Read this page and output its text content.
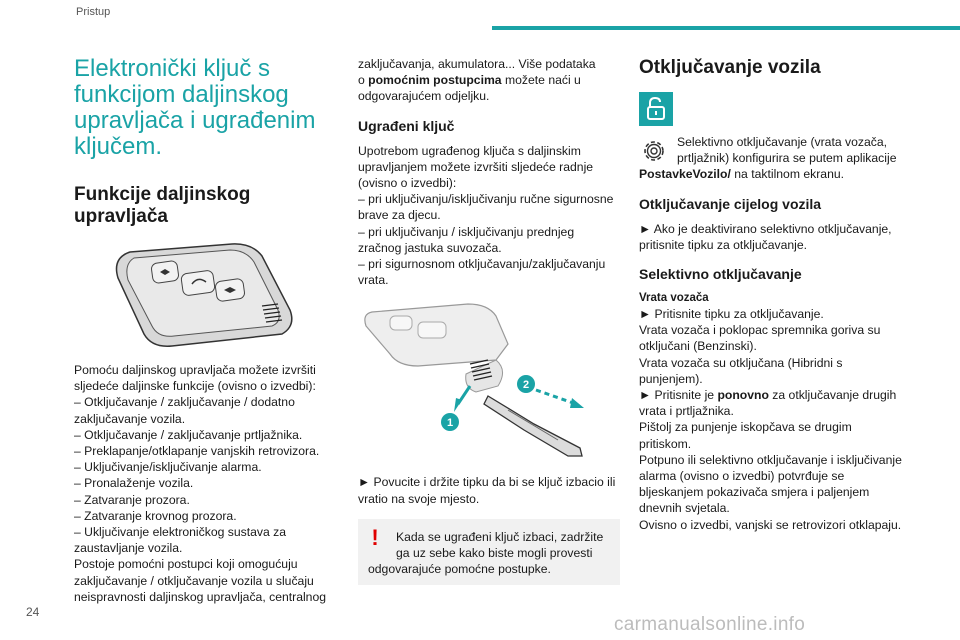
Pristup
Elektronički ključ s
funkcijom daljinskog
upravljača i ugrađenim
ključem.
Funkcije daljinskog
upravljača

Pomoću daljinskog upravljača možete izvršiti

sljedeće daljinske funkcije (ovisno o izvedbi):

– Otključavanje / zaključavanje / dodatno

zaključavanje vozila.

– Otključavanje / zaključavanje prtljažnika.

– Preklapanje/otklapanje vanjskih retrovizora.

– Uključivanje/isključivanje alarma.

– Pronalaženje vozila.

– Zatvaranje prozora.

– Zatvaranje krovnog prozora.

– Uključivanje elektroničkog sustava za

zaustavljanje vozila.

Postoje pomoćni postupci koji omogućuju

zaključavanje / otključavanje vozila u slučaju

neispravnosti daljinskog upravljača, centralnog

zaključavanja, akumulatora... Više podataka

o pomoćnim postupcima možete naći u

odgovarajućem odjeljku.

Ugrađeni ključ

Upotrebom ugrađenog ključa s daljinskim

upravljanjem možete izvršiti sljedeće radnje

(ovisno o izvedbi):

– pri uključivanju/isključivanju ručne sigurnosne

brave za djecu.

– pri uključivanju / isključivanju prednjeg

zračnog jastuka suvozača.

– pri sigurnosnom otključavanju/zaključavanju

vrata.

1
2

► Povucite i držite tipku da bi se ključ izbacio ili

vratio na svoje mjesto.

!	Kada se ugrađeni ključ izbaci, zadržite

ga uz sebe kako biste mogli provesti

odgovarajuće pomoćne postupke.

Otključavanje vozila

Selektivno otključavanje (vrata vozača,

prtljažnik) konfigurira se putem aplikacije

PostavkeVozilo/ na taktilnom ekranu.

Otključavanje cijelog vozila

► Ako je deaktivirano selektivno otključavanje,

pritisnite tipku za otključavanje.

Selektivno otključavanje
Vrata vozača

► Pritisnite tipku za otključavanje.

Vrata vozača i poklopac spremnika goriva su

otključani (Benzinski).

Vrata vozača su otključana (Hibridni s

punjenjem).

► Pritisnite je ponovno za otključavanje drugih

vrata i prtljažnika.

Pištolj za punjenje iskopčava se drugim

pritiskom.

Potpuno ili selektivno otključavanje i isključivanje

alarma (ovisno o izvedbi) potvrđuje se

bljeskanjem pokazivača smjera i paljenjem

dnevnih svjetala.

Ovisno o izvedbi, vanjski se retrovizori otklapaju.

24
carmanualsonline.info
